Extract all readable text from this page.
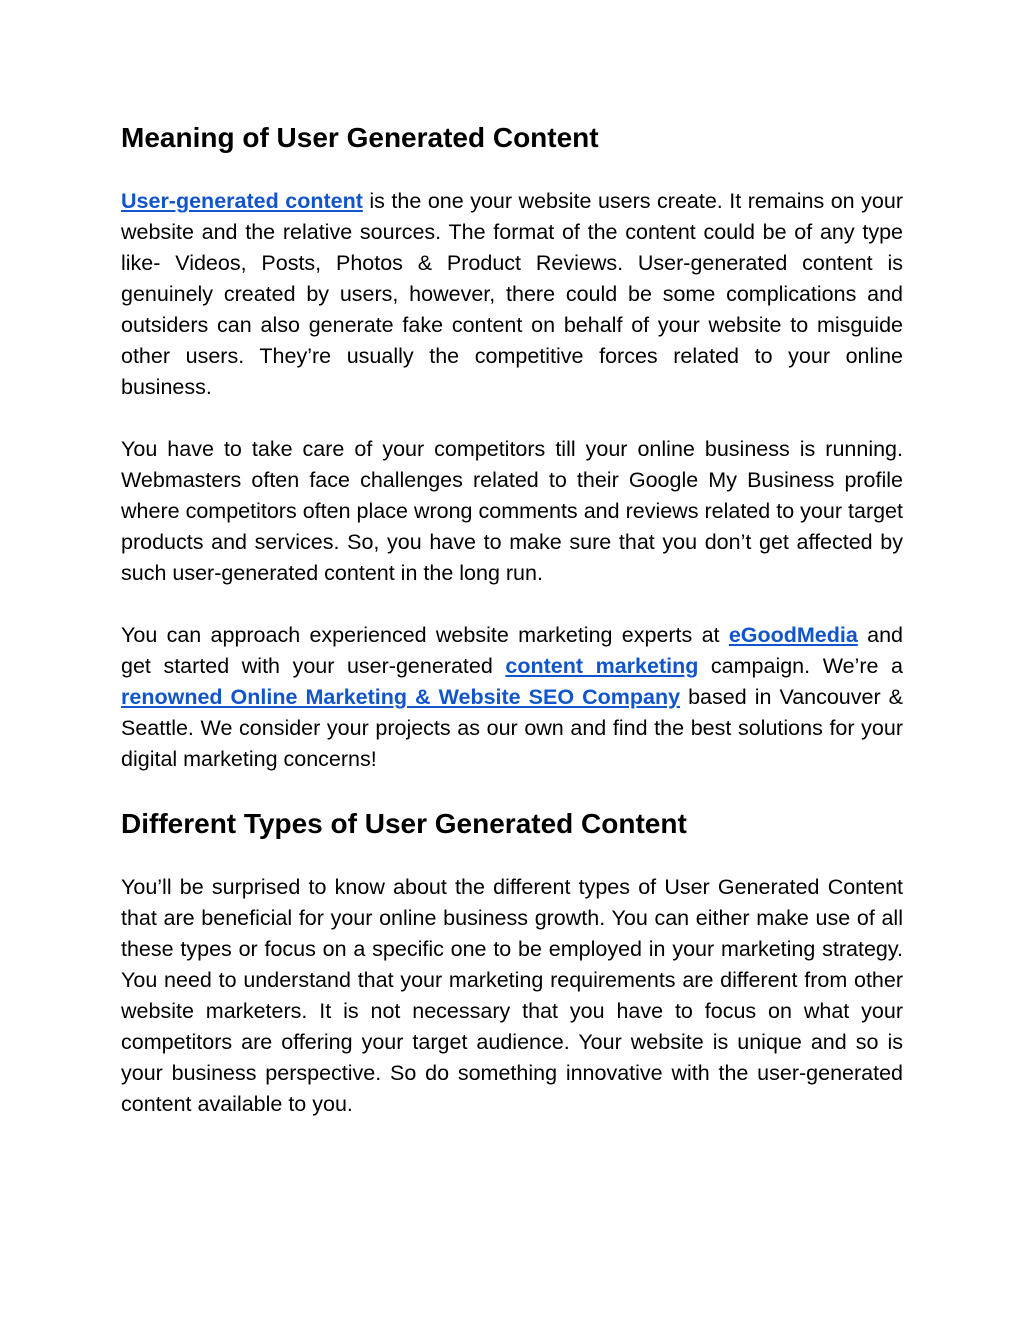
Meaning of User Generated Content

User-generated content is the one your website users create. It remains on your website and the relative sources. The format of the content could be of any type like- Videos, Posts, Photos & Product Reviews. User-generated content is genuinely created by users, however, there could be some complications and outsiders can also generate fake content on behalf of your website to misguide other users. They’re usually the competitive forces related to your online business.

You have to take care of your competitors till your online business is running. Webmasters often face challenges related to their Google My Business profile where competitors often place wrong comments and reviews related to your target products and services. So, you have to make sure that you don’t get affected by such user-generated content in the long run.

You can approach experienced website marketing experts at eGoodMedia and get started with your user-generated content marketing campaign. We’re a renowned Online Marketing & Website SEO Company based in Vancouver & Seattle. We consider your projects as our own and find the best solutions for your digital marketing concerns!

Different Types of User Generated Content

You’ll be surprised to know about the different types of User Generated Content that are beneficial for your online business growth. You can either make use of all these types or focus on a specific one to be employed in your marketing strategy. You need to understand that your marketing requirements are different from other website marketers. It is not necessary that you have to focus on what your competitors are offering your target audience. Your website is unique and so is your business perspective. So do something innovative with the user-generated content available to you.
